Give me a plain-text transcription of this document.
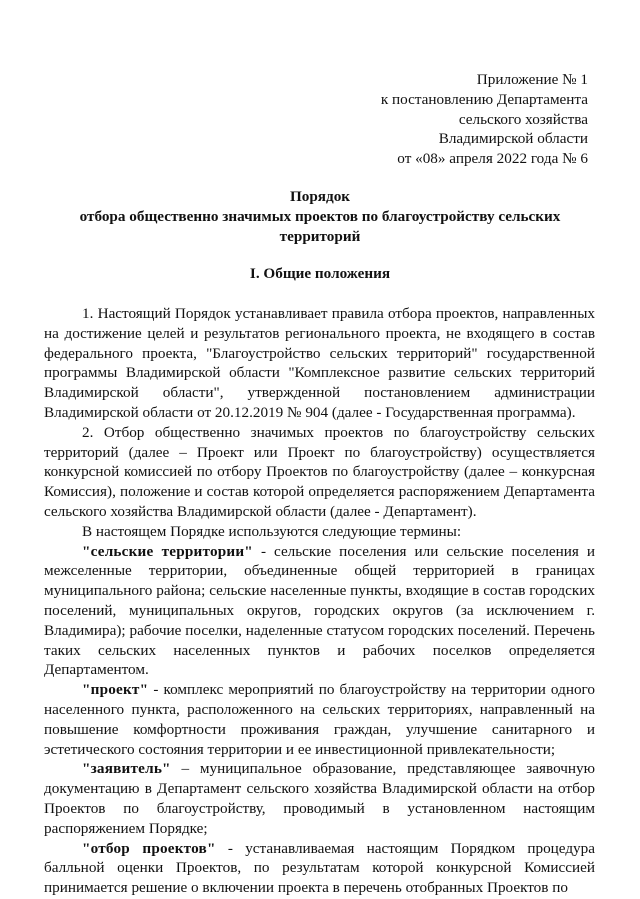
Приложение № 1
к постановлению Департамента
сельского хозяйства
Владимирской области
от «08» апреля 2022 года № 6
Порядок
отбора общественно значимых проектов по благоустройству сельских территорий
I. Общие положения

1. Настоящий Порядок устанавливает правила отбора проектов, направленных на достижение целей и результатов регионального проекта, не входящего в состав федерального проекта, "Благоустройство сельских территорий" государственной программы Владимирской области "Комплексное развитие сельских территорий Владимирской области", утвержденной постановлением администрации Владимирской области от 20.12.2019 № 904 (далее - Государственная программа).

2. Отбор общественно значимых проектов по благоустройству сельских территорий (далее – Проект или Проект по благоустройству) осуществляется конкурсной комиссией по отбору Проектов по благоустройству (далее – конкурсная Комиссия), положение и состав которой определяется распоряжением Департамента сельского хозяйства Владимирской области (далее - Департамент).

В настоящем Порядке используются следующие термины:

"сельские территории" - сельские поселения или сельские поселения и межселенные территории, объединенные общей территорией в границах муниципального района; сельские населенные пункты, входящие в состав городских поселений, муниципальных округов, городских округов (за исключением г. Владимира); рабочие поселки, наделенные статусом городских поселений. Перечень таких сельских населенных пунктов и рабочих поселков определяется Департаментом.

"проект" - комплекс мероприятий по благоустройству на территории одного населенного пункта, расположенного на сельских территориях, направленный на повышение комфортности проживания граждан, улучшение санитарного и эстетического состояния территории и ее инвестиционной привлекательности;

"заявитель" – муниципальное образование, представляющее заявочную документацию в Департамент сельского хозяйства Владимирской области на отбор Проектов по благоустройству, проводимый в установленном настоящим распоряжением Порядке;

"отбор проектов" - устанавливаемая настоящим Порядком процедура балльной оценки Проектов, по результатам которой конкурсной Комиссией принимается решение о включении проекта в перечень отобранных Проектов по
